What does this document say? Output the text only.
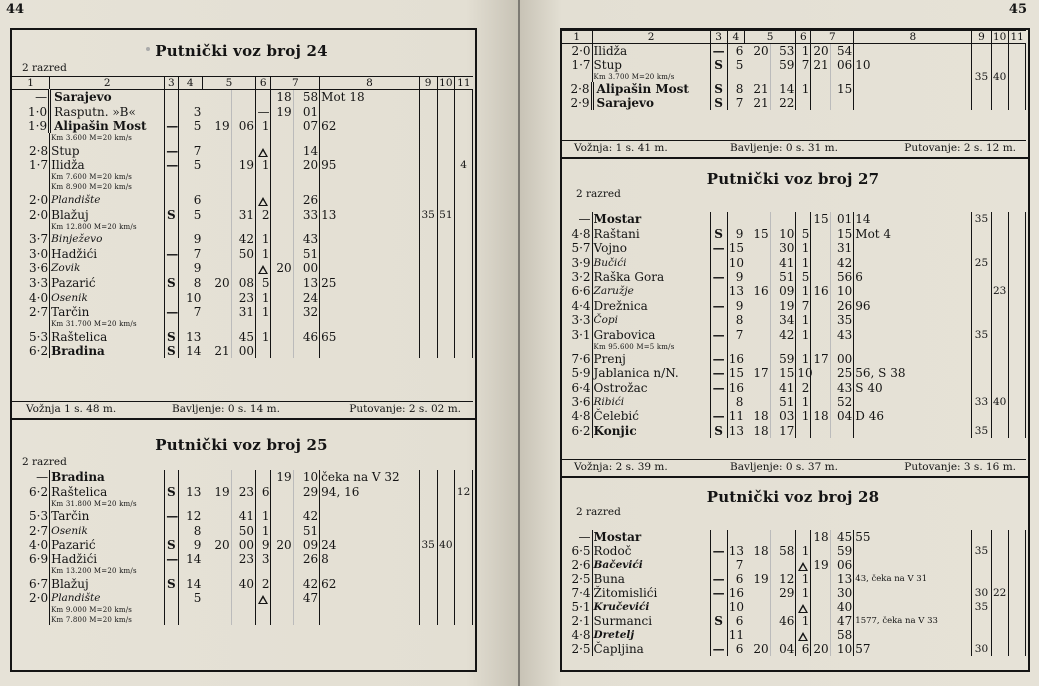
44
Putnički voz broj 24
2 razred
1	2	3	4	5		6	7		8	9	10	11
—	Sarajevo						18	58	Mot 18			
1·0	Rasputn. »B«		3			—	19	01				
1·9	Alipašin Most	—	5	19	06	1		07	62			
	Km 3.600 M=20 km/s											
2·8	Stup	—	7					14				
1·7	Ilidža	—	5		19	1		20	95			4
	Km 7.600 M=20 km/s											
	Km 8.900 M=20 km/s											
2·0	Plandište		6					26				
2·0	Blažuj	S	5		31	2		33	13	35	51	
	Km 12.800 M=20 km/s											
3·7	Binježevo		9		42	1		43				
3·0	Hadžići	—	7		50	1		51				
3·6	Zovik		9				20	00				
3·3	Pazarić	S	8	20	08	5		13	25			
4·0	Osenik		10		23	1		24				
2·7	Tarčin	—	7		31	1		32				
	Km 31.700 M=20 km/s											
5·3	Raštelica	S	13		45	1		46	65			
6·2	Bradina	S	14	21	00							
Vožnja 1 s. 48 m.	Bavljenje: 0 s. 14 m.	Putovanje: 2 s. 02 m.
Putnički voz broj 25
2 razred
—	Bradina						19	10	čeka na V 32			
6·2	Raštelica	S	13	19	23	6		29	94, 16			12
	Km 31.800 M=20 km/s											
5·3	Tarčin	—	12		41	1		42				
2·7	Osenik		8		50	1		51				
4·0	Pazarić	S	9	20	00	9	20	09	24	35	40	
6·9	Hadžići	—	14		23	3		26	8			
	Km 13.200 M=20 km/s											
6·7	Blažuj	S	14		40	2		42	62			
2·0	Plandište		5					47				
	Km 9.000 M=20 km/s											
	Km 7.800 M=20 km/s											
45
1	2	3	4	5		6	7		8	9	10	11
2·0	Ilidža	—	6	20	53	1	20	54				
1·7	Stup	S	5		59	7	21	06	10			
	Km 3.700 M=20 km/s									35	40	
2·8	Alipašin Most	S	8	21	14	1		15				
2·9	Sarajevo	S	7	21	22							
Vožnja: 1 s. 41 m.	Bavljenje: 0 s. 31 m.	Putovanje: 2 s. 12 m.
Putnički voz broj 27
2 razred
—	Mostar						15	01	14	35		
4·8	Raštani	S	9	15	10	5		15	Mot 4			
5·7	Vojno	—	15		30	1		31				
3·9	Bučići		10		41	1		42		25		
3·2	Raška Gora	—	9		51	5		56	6			
6·6	Zaružje		13	16	09	1	16	10			23	
4·4	Drežnica	—	9		19	7		26	96			
3·3	Čopi		8		34	1		35				
3·1	Grabovica	—	7		42	1		43		35		
	Km 95.600 M=5 km/s											
7·6	Prenj	—	16		59	1	17	00				
5·9	Jablanica n/N.	—	15	17	15	10		25	56, S 38			
6·4	Ostrožac	—	16		41	2		43	S 40			
3·6	Ribići		8		51	1		52		33	40	
4·8	Čelebić	—	11	18	03	1	18	04	D 46			
6·2	Konjic	S	13	18	17					35		
Vožnja: 2 s. 39 m.	Bavljenje: 0 s. 37 m.	Putovanje: 3 s. 16 m.
Putnički voz broj 28
2 razred
—	Mostar						18	45	55			
6·5	Rodoč	—	13	18	58	1		59		35		
2·6	Bačevići		7				19	06				
2·5	Buna	—	6	19	12	1		13	43, čeka na V 31			
7·4	Žitomislići	—	16		29	1		30		30	22	
5·1	Kručevići		10					40		35		
2·1	Surmanci	S	6		46	1		47	1577, čeka na V 33			
4·8	Dretelj		11					58				
2·5	Čapljina	—	6	20	04	6	20	10	57	30		
